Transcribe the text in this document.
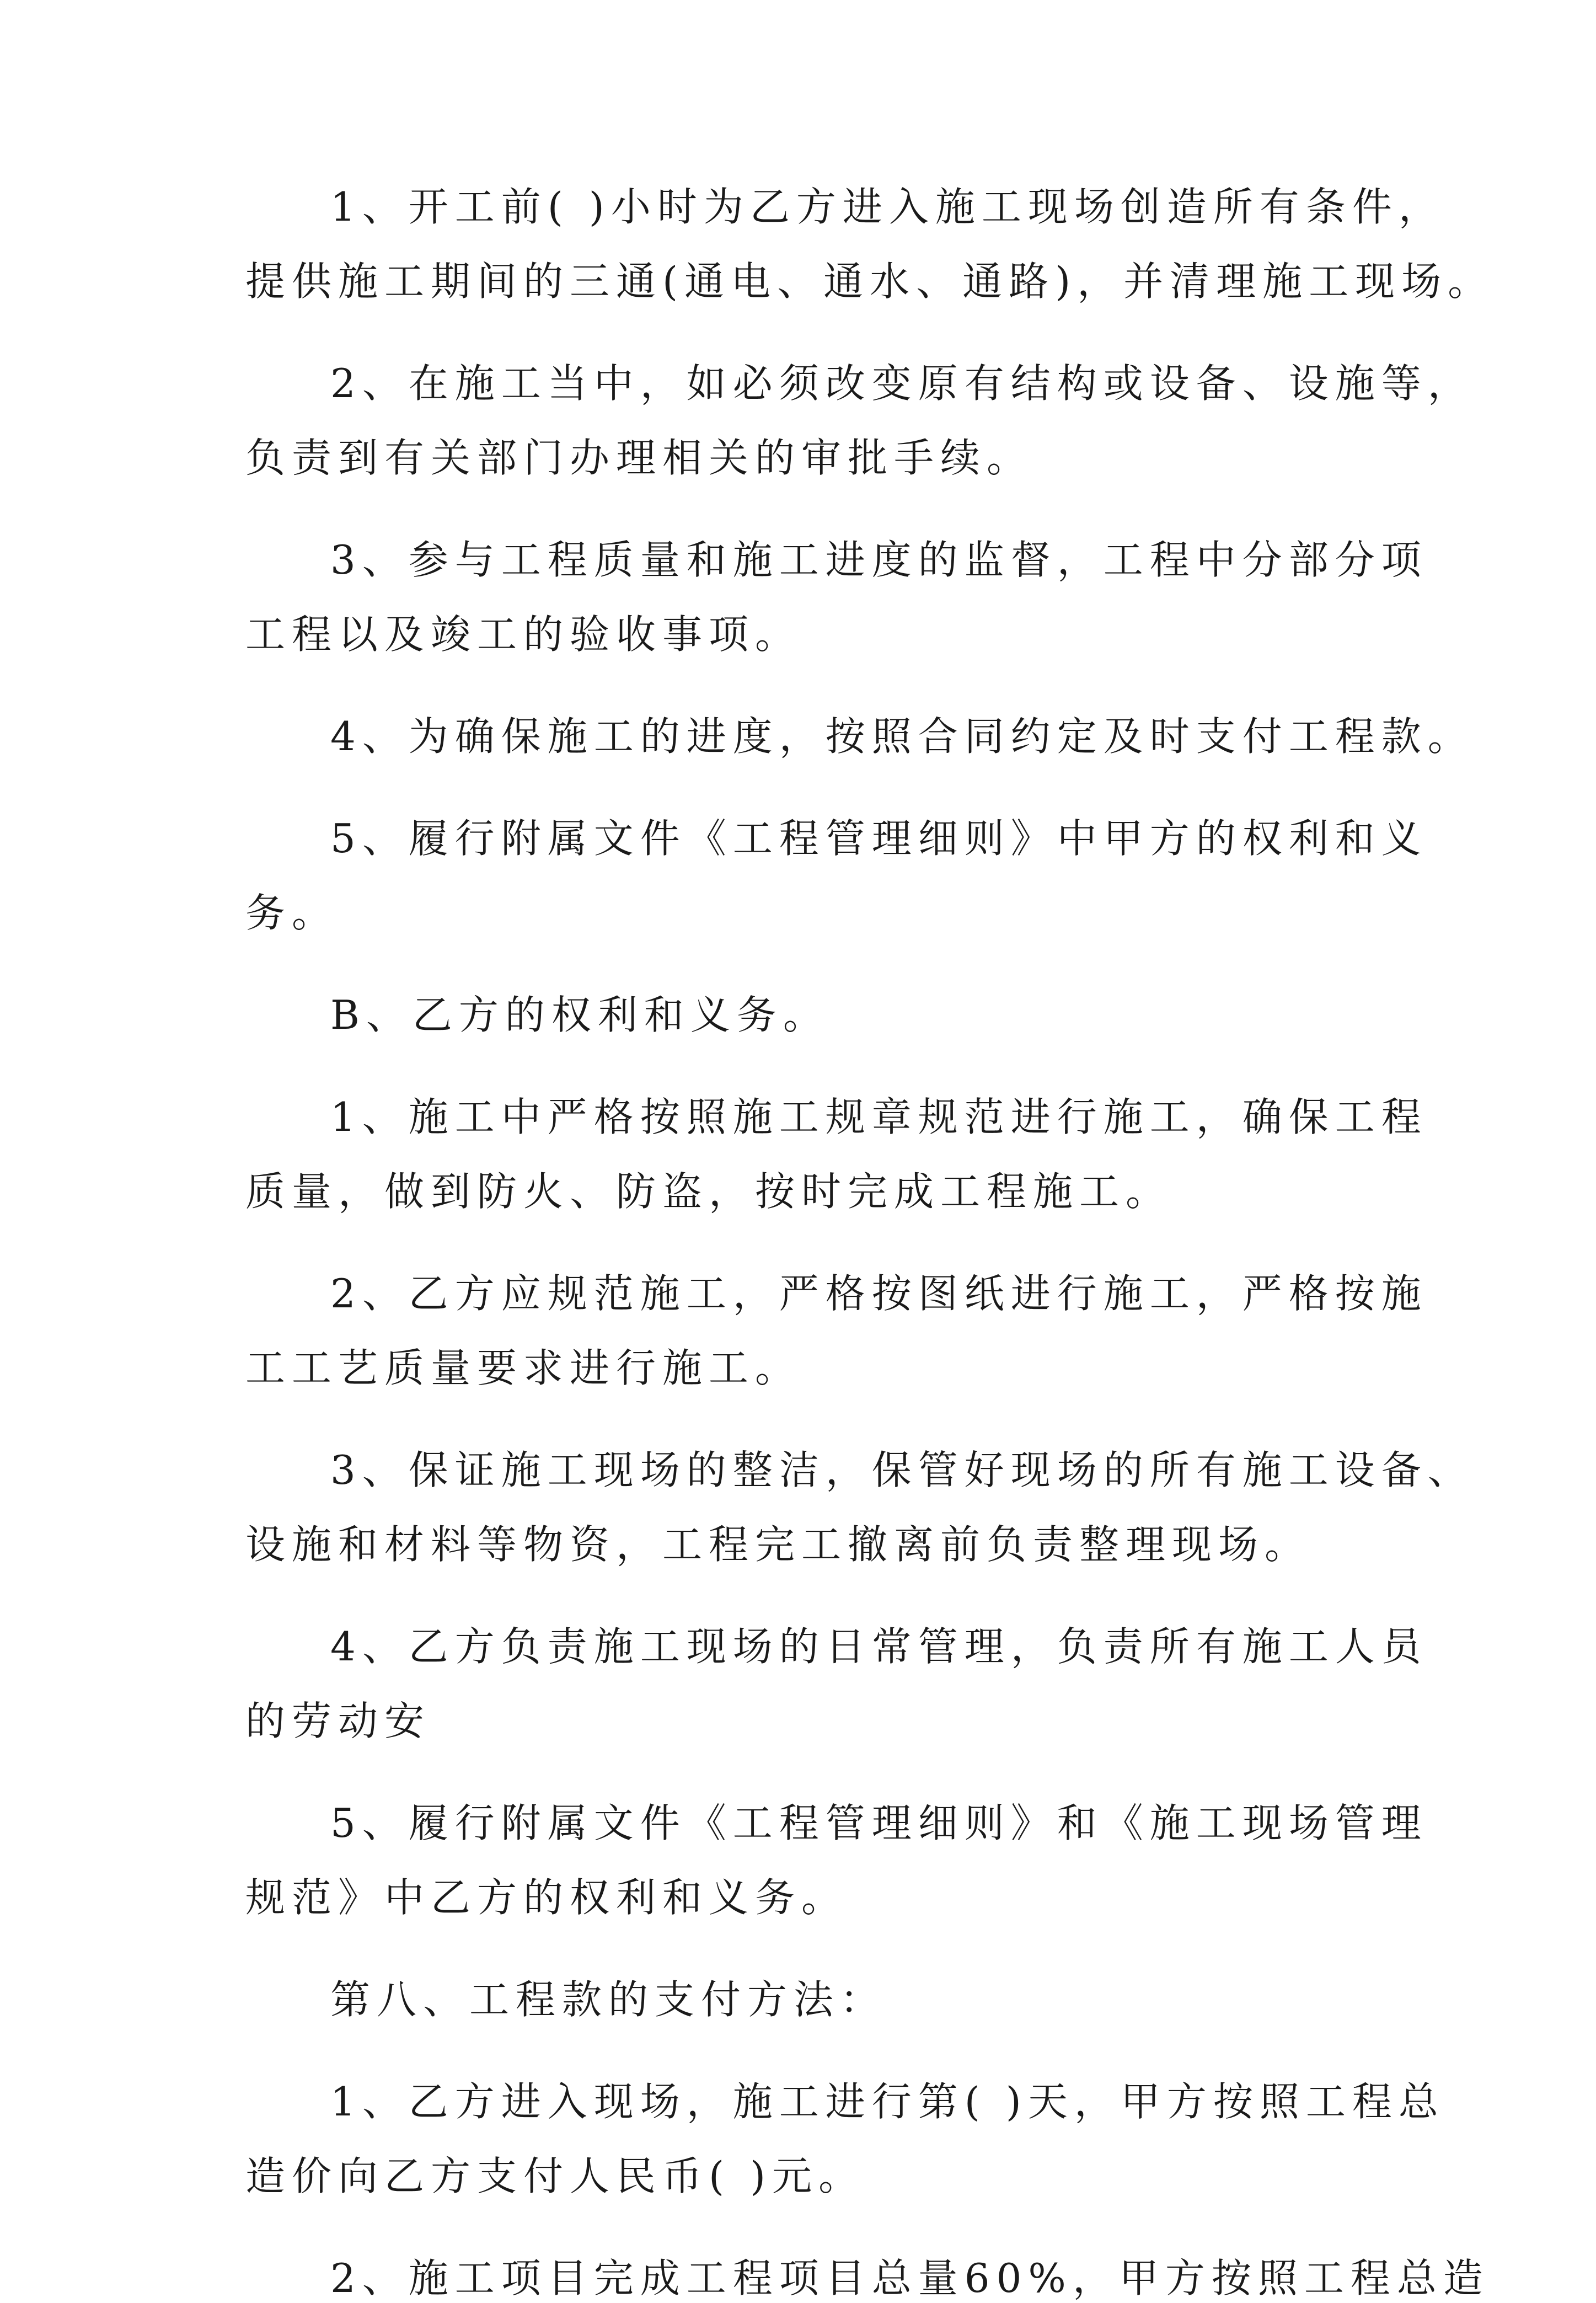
1、开工前( )小时为乙方进入施工现场创造所有条件，
提供施工期间的三通(通电、通水、通路)，并清理施工现场。
2、在施工当中，如必须改变原有结构或设备、设施等，
负责到有关部门办理相关的审批手续。
3、参与工程质量和施工进度的监督，工程中分部分项
工程以及竣工的验收事项。
4、为确保施工的进度，按照合同约定及时支付工程款。
5、履行附属文件《工程管理细则》中甲方的权利和义
务。
B、乙方的权利和义务。
1、施工中严格按照施工规章规范进行施工，确保工程
质量，做到防火、防盗，按时完成工程施工。
2、乙方应规范施工，严格按图纸进行施工，严格按施
工工艺质量要求进行施工。
3、保证施工现场的整洁，保管好现场的所有施工设备、
设施和材料等物资，工程完工撤离前负责整理现场。
4、乙方负责施工现场的日常管理，负责所有施工人员
的劳动安
5、履行附属文件《工程管理细则》和《施工现场管理
规范》中乙方的权利和义务。
第八、工程款的支付方法：
1、乙方进入现场，施工进行第( )天，甲方按照工程总
造价向乙方支付人民币( )元。
2、施工项目完成工程项目总量60%，甲方按照工程总造
